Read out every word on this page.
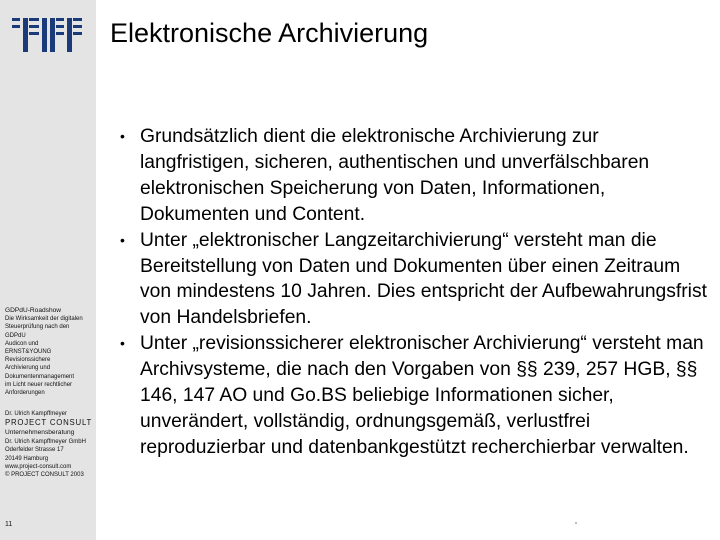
Elektronische Archivierung
• Grundsätzlich dient die elektronische Archivierung zur langfristigen, sicheren, authentischen und unverfälschbaren elektronischen Speicherung von Daten, Informationen, Dokumenten und Content.
• Unter „elektronischer Langzeitarchivierung“ versteht man die Bereitstellung von Daten und Dokumenten über einen Zeitraum von mindestens 10 Jahren. Dies entspricht der Aufbewahrungsfrist von Handelsbriefen.
• Unter „revisionssicherer elektronischer Archivierung“ versteht man Archivsysteme, die nach den Vorgaben von §§ 239, 257 HGB, §§ 146, 147 AO und Go.BS beliebige Informationen sicher, unverändert, vollständig, ordnungsgemäß, verlustfrei reproduzierbar und datenbankgestützt recherchierbar verwalten.
GDPdU-Roadshow
Die Wirksamkeit der digitalen
Steuerprüfung nach den
GDPdU
Audicon und
ERNST&YOUNG
Revisionssichere
Archivierung und
Dokumentenmanagement
im Licht neuer rechtlicher
Anforderungen
Dr. Ulrich Kampffmeyer
PROJECT CONSULT
Unternehmensberatung
Dr. Ulrich Kampffmeyer GmbH
Oderfelder Strasse 17
20149 Hamburg
www.project-consult.com
© PROJECT CONSULT 2003
11
